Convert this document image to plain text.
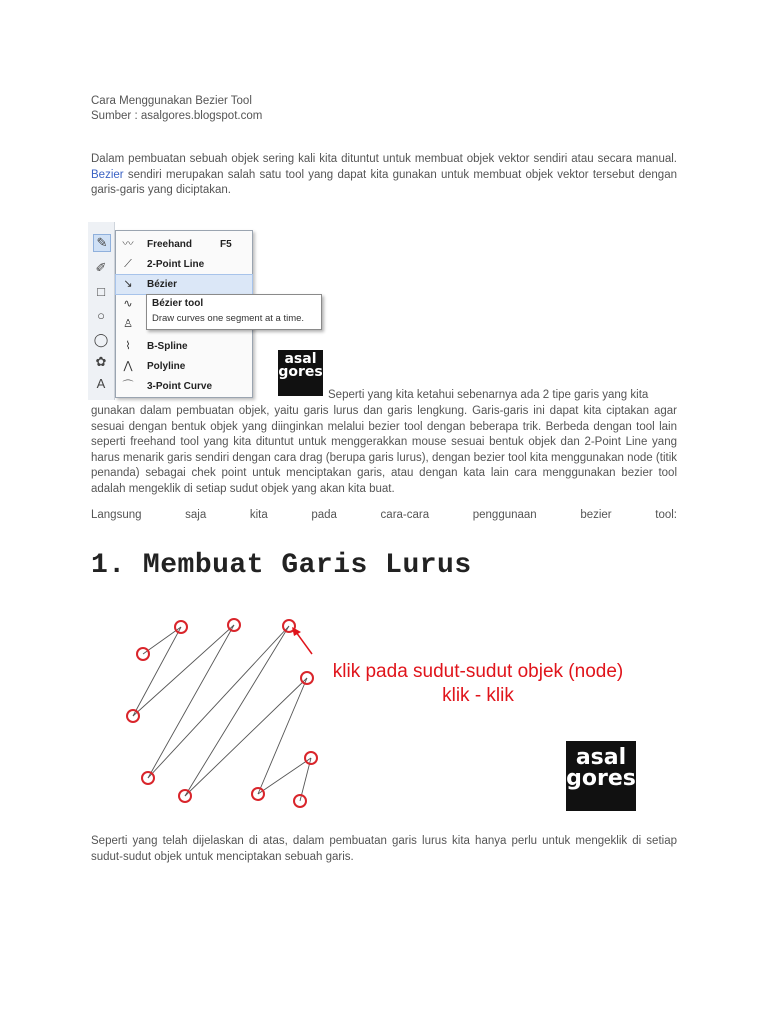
Cara Menggunakan Bezier Tool
Sumber : asalgores.blogspot.com
Dalam pembuatan sebuah objek sering kali kita dituntut untuk membuat objek vektor sendiri atau secara manual. Bezier sendiri merupakan salah satu tool yang dapat kita gunakan untuk membuat objek vektor tersebut dengan garis-garis yang diciptakan.
✎
✐
□
○
◯
✿
A
〰 Freehand	F5
⟋	2-Point Line
↘	Bézier
∿
♙
⌇	B-Spline
⋀	Polyline
⌒ 3-Point Curve
Bézier tool
Draw curves one segment at a time.
asal
gores
Seperti yang kita ketahui sebenarnya ada 2 tipe garis yang kita
gunakan dalam pembuatan objek, yaitu garis lurus dan garis lengkung. Garis-garis ini dapat kita ciptakan agar sesuai dengan bentuk objek yang diinginkan melalui bezier tool dengan beberapa trik. Berbeda dengan tool lain seperti freehand tool yang kita dituntut untuk menggerakkan mouse sesuai bentuk objek dan 2-Point Line yang harus menarik garis sendiri dengan cara drag (berupa garis lurus), dengan bezier tool kita menggunakan node (titik penanda) sebagai chek point untuk menciptakan garis, atau dengan kata lain cara menggunakan bezier tool adalah mengeklik di setiap sudut objek yang akan kita buat.
Langsung saja kita pada cara-cara penggunaan bezier tool:
1. Membuat Garis Lurus
klik pada sudut-sudut objek (node)
klik - klik
asal
gores
Seperti yang telah dijelaskan di atas, dalam pembuatan garis lurus kita hanya perlu untuk mengeklik di setiap sudut-sudut objek untuk menciptakan sebuah garis.
